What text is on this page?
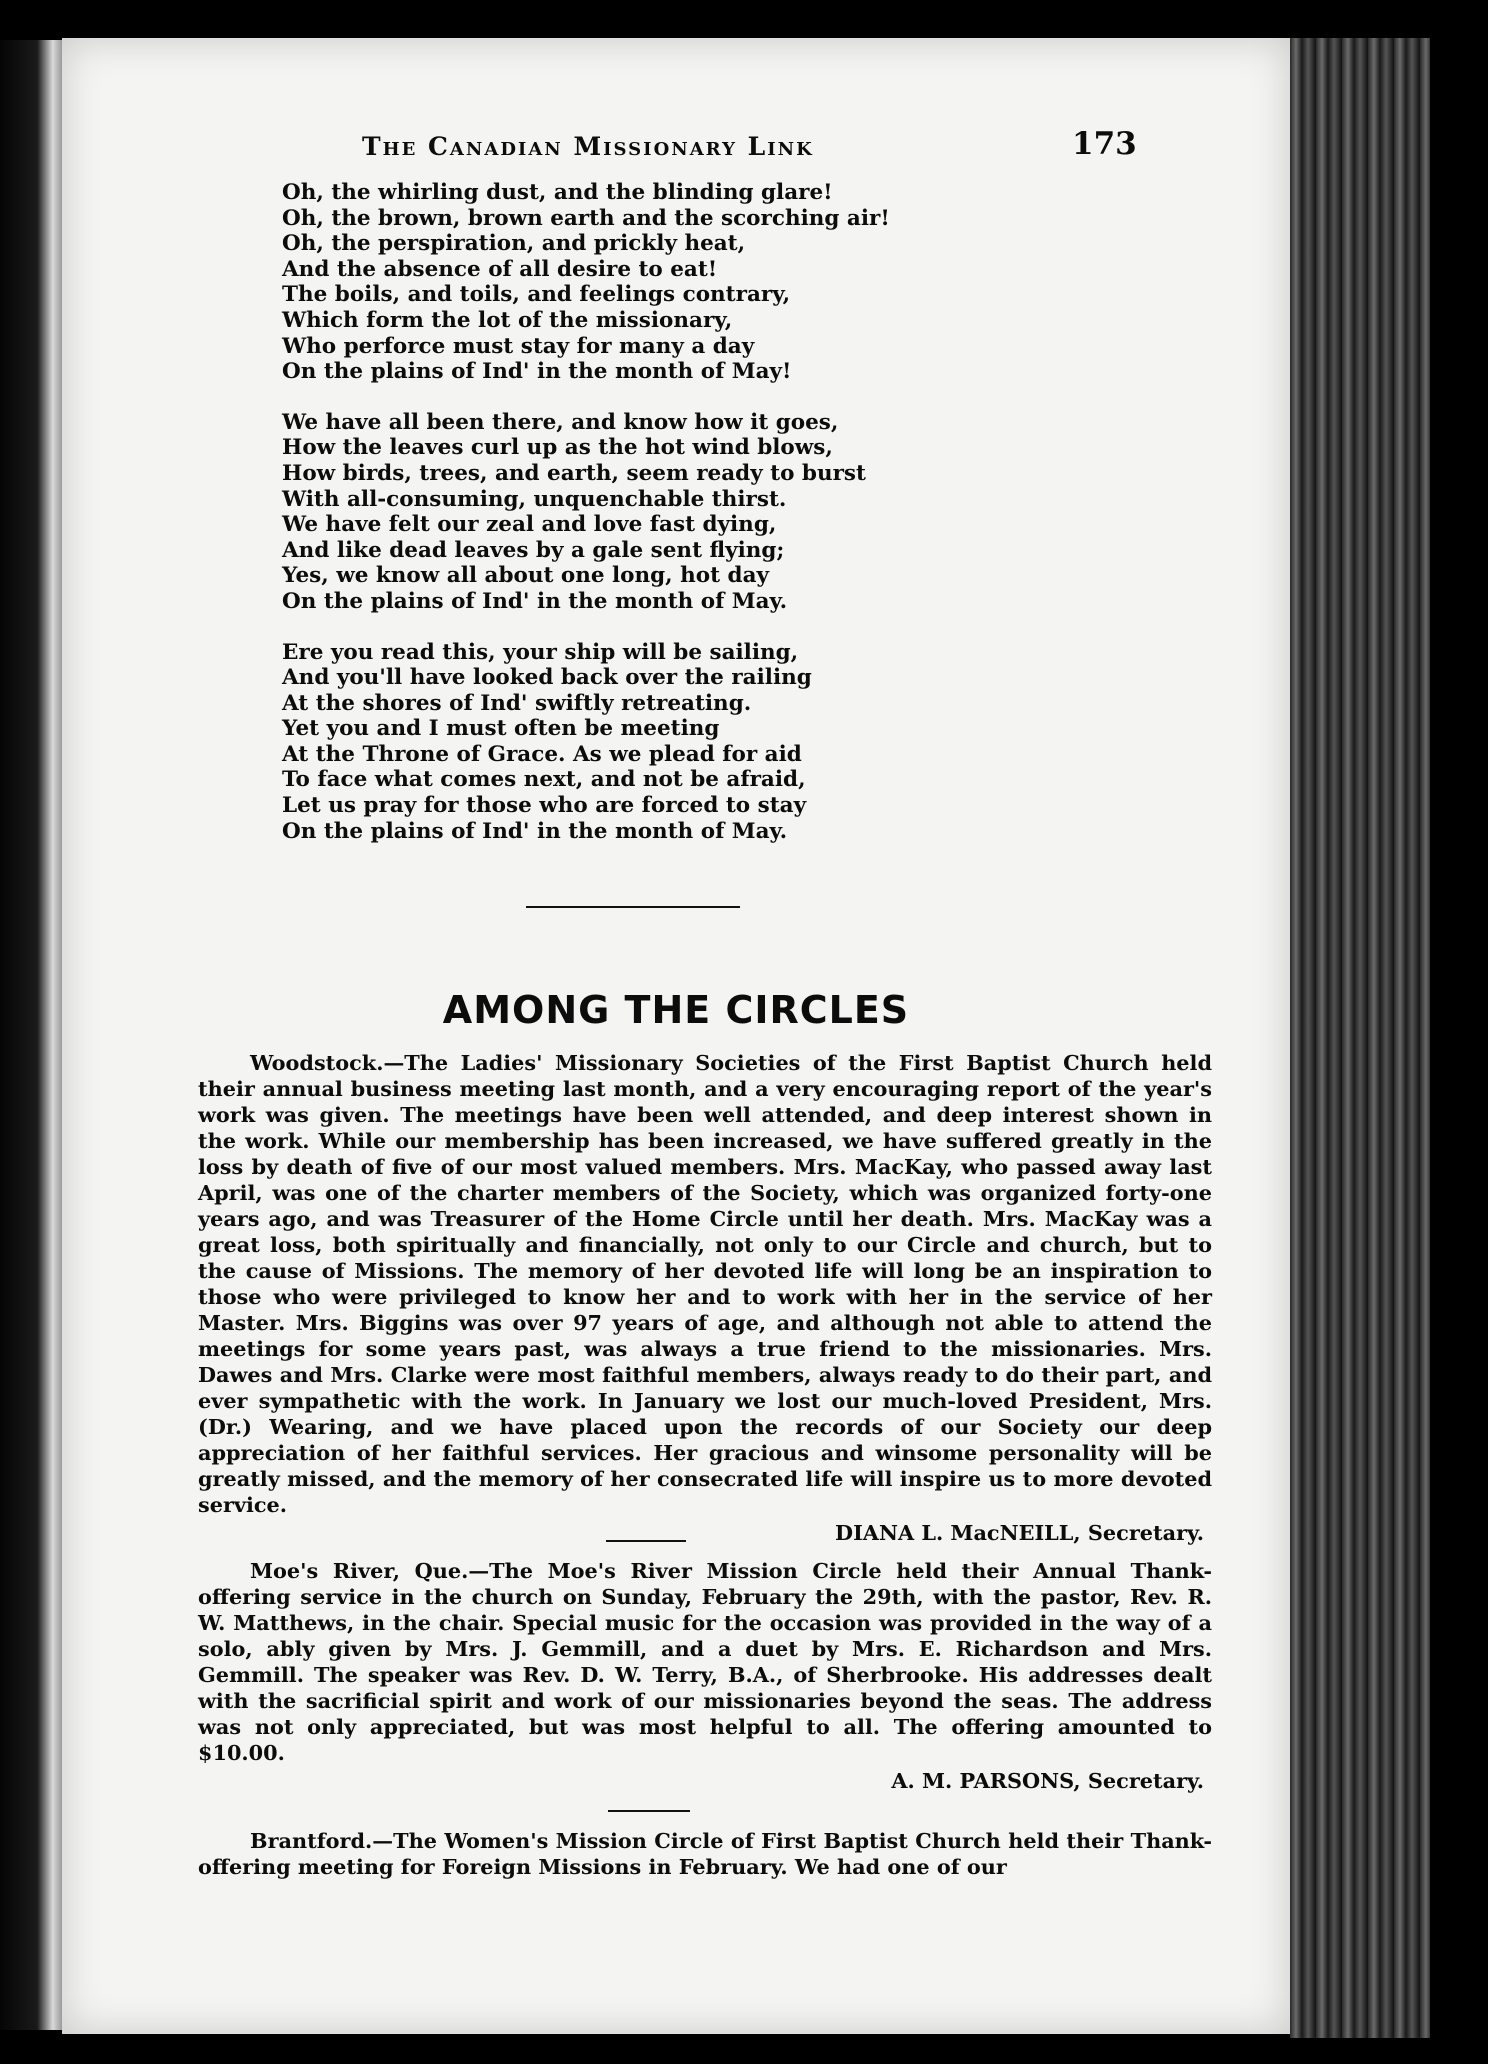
The Canadian Missionary Link	173
Oh, the whirling dust, and the blinding glare!
Oh, the brown, brown earth and the scorching air!
Oh, the perspiration, and prickly heat,
And the absence of all desire to eat!
The boils, and toils, and feelings contrary,
Which form the lot of the missionary,
Who perforce must stay for many a day
On the plains of Ind' in the month of May!
We have all been there, and know how it goes,
How the leaves curl up as the hot wind blows,
How birds, trees, and earth, seem ready to burst
With all-consuming, unquenchable thirst.
We have felt our zeal and love fast dying,
And like dead leaves by a gale sent flying;
Yes, we know all about one long, hot day
On the plains of Ind' in the month of May.
Ere you read this, your ship will be sailing,
And you'll have looked back over the railing
At the shores of Ind' swiftly retreating.
Yet you and I must often be meeting
At the Throne of Grace. As we plead for aid
To face what comes next, and not be afraid,
Let us pray for those who are forced to stay
On the plains of Ind' in the month of May.
AMONG THE CIRCLES

Woodstock.—The Ladies' Missionary Societies of the First Baptist Church held their annual business meeting last month, and a very encouraging report of the year's work was given. The meetings have been well attended, and deep interest shown in the work. While our membership has been increased, we have suffered greatly in the loss by death of five of our most valued members. Mrs. MacKay, who passed away last April, was one of the charter members of the Society, which was organized forty-one years ago, and was Treasurer of the Home Circle until her death. Mrs. MacKay was a great loss, both spiritually and financially, not only to our Circle and church, but to the cause of Missions. The memory of her devoted life will long be an inspiration to those who were privileged to know her and to work with her in the service of her Master. Mrs. Biggins was over 97 years of age, and although not able to attend the meetings for some years past, was always a true friend to the missionaries. Mrs. Dawes and Mrs. Clarke were most faithful members, always ready to do their part, and ever sympathetic with the work. In January we lost our much-loved President, Mrs. (Dr.) Wearing, and we have placed upon the records of our Society our deep appreciation of her faithful services. Her gracious and winsome personality will be greatly missed, and the memory of her consecrated life will inspire us to more devoted service.

DIANA L. MacNEILL, Secretary.

Moe's River, Que.—The Moe's River Mission Circle held their Annual Thank-offering service in the church on Sunday, February the 29th, with the pastor, Rev. R. W. Matthews, in the chair. Special music for the occasion was provided in the way of a solo, ably given by Mrs. J. Gemmill, and a duet by Mrs. E. Richardson and Mrs. Gemmill. The speaker was Rev. D. W. Terry, B.A., of Sherbrooke. His addresses dealt with the sacrificial spirit and work of our missionaries beyond the seas. The address was not only appreciated, but was most helpful to all. The offering amounted to $10.00.

A. M. PARSONS, Secretary.

Brantford.—The Women's Mission Circle of First Baptist Church held their Thank-offering meeting for Foreign Missions in February. We had one of our
